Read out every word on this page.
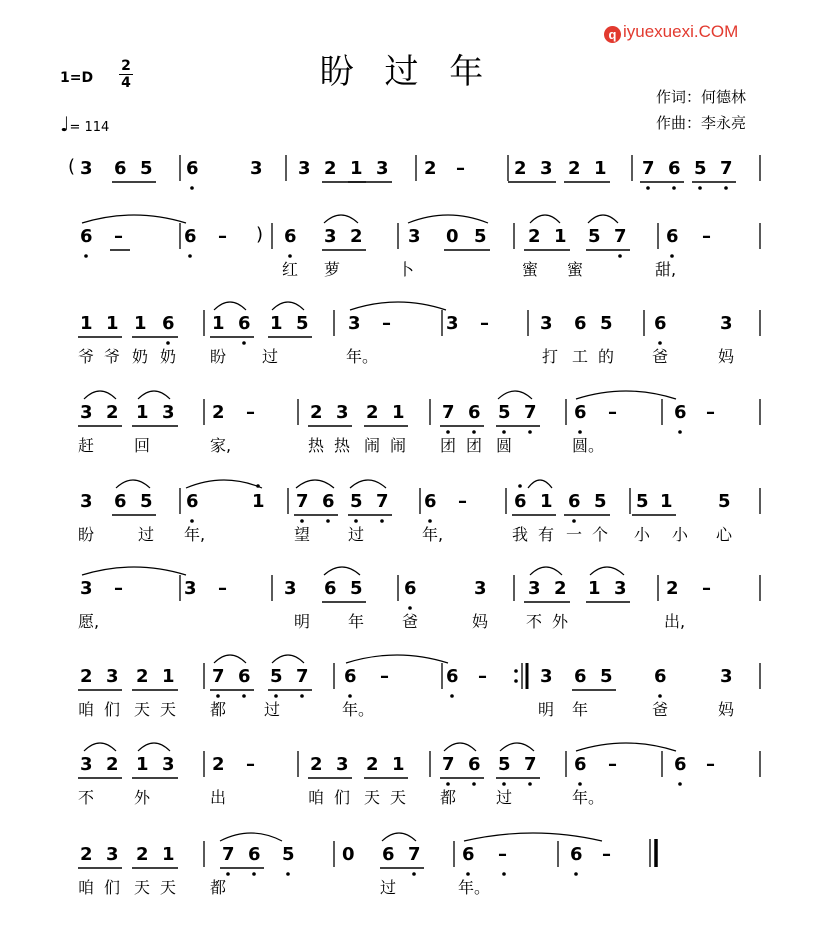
q iyuexuexi.COM
盼 过 年
1=D
2
4
♩= 114
作词：何德林
作曲：李永亮
3 6 5 6	3 3 2 1 3 2 –	2 3 2 1 7 6 5 7
6 –	6 –	6 3 2	3 0 5 2 1 5 7 6 –
红 萝	卜	蜜 蜜	甜,
1 1 1 6 1 6 1 5 3 –	3 –	3 6 5 6	3
爷 爷 奶 奶 盼 过	年。	打 工 的 爸	妈
3 2 1 3 2 –	2 3 2 1 7 6 5 7 6 –	6 –
赶 回	家,	热 热 闹 闹 团 团 圆	圆。
3 6 5 6	1 7 6 5 7 6 –	6 1 6 5 5 1	5
盼	过 年,	望 过	年,	我 有 一 个 小 小 心
3 –	3 –	3 6 5 6	3 3 2 1 3 2 –
愿,	明 年 爸	妈 不 外	出,
2 3 2 1 7 6 5 7 6 –	6 –	3 6 5 6	3
咱 们 天 天 都 过	年。	明 年	爸	妈
3 2 1 3 2 –	2 3 2 1 7 6 5 7 6 –	6 –
不 外	出	咱 们 天 天 都 过	年。
2 3 2 1	7 6 5	0 6 7 6 –	6 –
咱 们 天 天 都	过	年。
(
)
